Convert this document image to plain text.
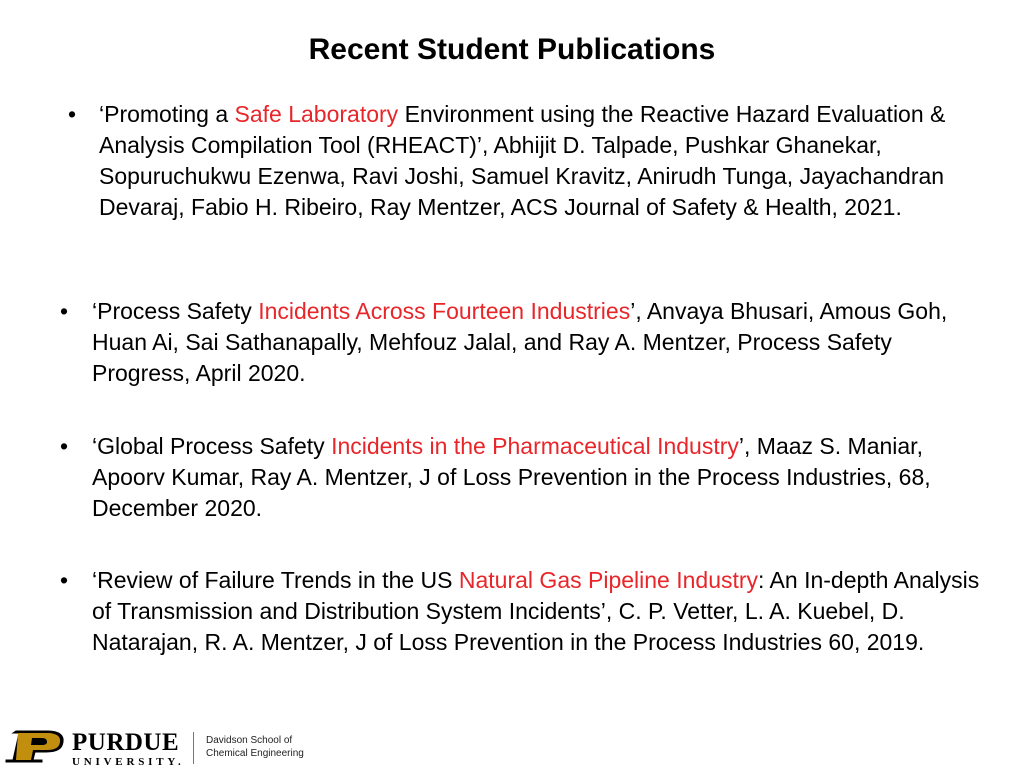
Recent Student Publications
• ‘Promoting a Safe Laboratory Environment using the Reactive Hazard Evaluation & Analysis Compilation Tool (RHEACT)’, Abhijit D. Talpade, Pushkar Ghanekar, Sopuruchukwu Ezenwa, Ravi Joshi, Samuel Kravitz, Anirudh Tunga, Jayachandran Devaraj, Fabio H. Ribeiro, Ray Mentzer, ACS Journal of Safety & Health, 2021.
• ‘Process Safety Incidents Across Fourteen Industries’, Anvaya Bhusari, Amous Goh, Huan Ai, Sai Sathanapally, Mehfouz Jalal, and Ray A. Mentzer, Process Safety Progress, April 2020.
• ‘Global Process Safety Incidents in the Pharmaceutical Industry’, Maaz S. Maniar, Apoorv Kumar, Ray A. Mentzer, J of Loss Prevention in the Process Industries, 68, December 2020.
• ‘Review of Failure Trends in the US Natural Gas Pipeline Industry: An In-depth Analysis of Transmission and Distribution System Incidents’, C. P. Vetter, L. A. Kuebel, D. Natarajan, R. A. Mentzer, J of Loss Prevention in the Process Industries 60, 2019.
PURDUE
UNIVERSITY.
Davidson School of
Chemical Engineering
